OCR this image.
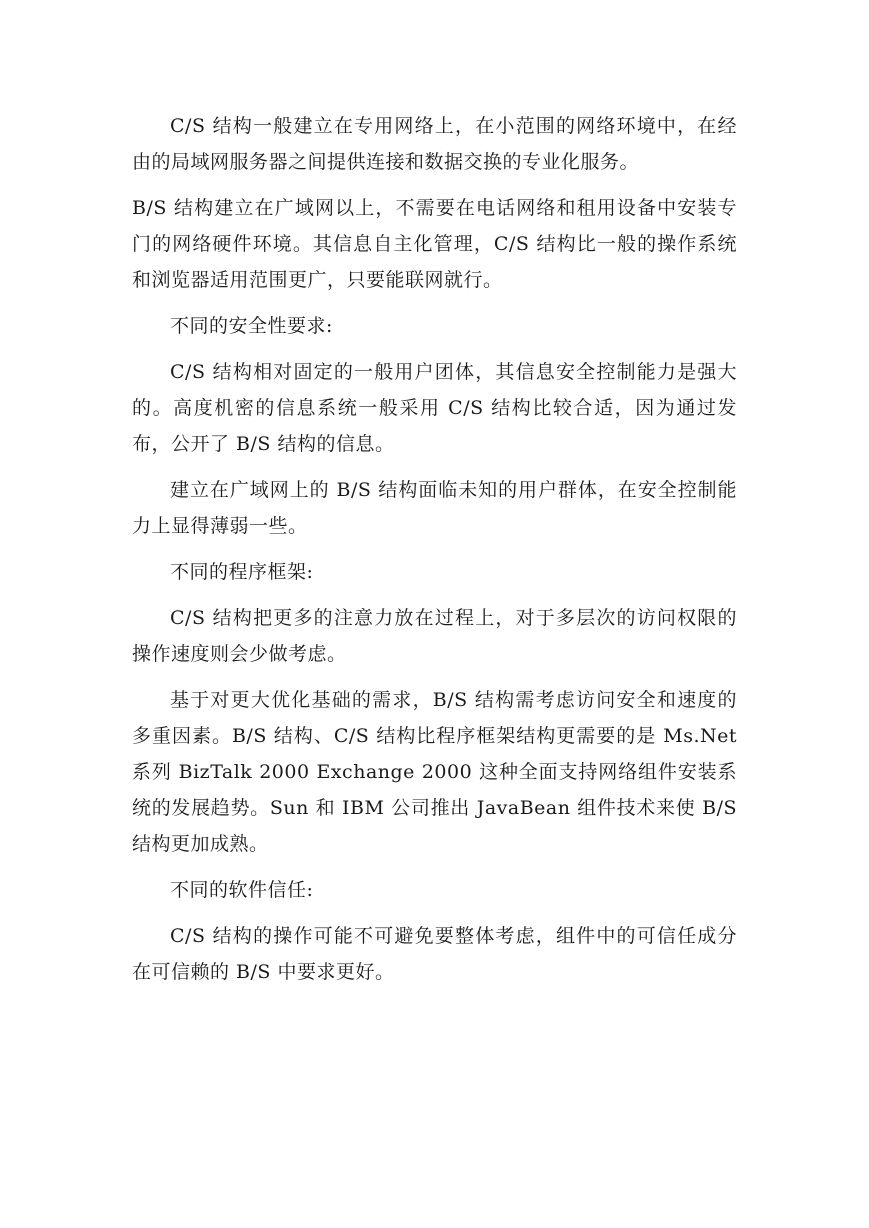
C/S 结构一般建立在专用网络上，在小范围的网络环境中，在经由的局域网服务器之间提供连接和数据交换的专业化服务。

B/S 结构建立在广域网以上，不需要在电话网络和租用设备中安装专门的网络硬件环境。其信息自主化管理，C/S 结构比一般的操作系统和浏览器适用范围更广，只要能联网就行。

不同的安全性要求:

C/S 结构相对固定的一般用户团体，其信息安全控制能力是强大的。高度机密的信息系统一般采用 C/S 结构比较合适，因为通过发布，公开了 B/S 结构的信息。

建立在广域网上的 B/S 结构面临未知的用户群体，在安全控制能力上显得薄弱一些。

不同的程序框架:

C/S 结构把更多的注意力放在过程上，对于多层次的访问权限的操作速度则会少做考虑。

基于对更大优化基础的需求，B/S 结构需考虑访问安全和速度的多重因素。B/S 结构、C/S 结构比程序框架结构更需要的是 Ms.Net 系列 BizTalk 2000 Exchange 2000 这种全面支持网络组件安装系统的发展趋势。Sun 和 IBM 公司推出 JavaBean 组件技术来使 B/S 结构更加成熟。

不同的软件信任:

C/S 结构的操作可能不可避免要整体考虑，组件中的可信任成分在可信赖的 B/S 中要求更好。
